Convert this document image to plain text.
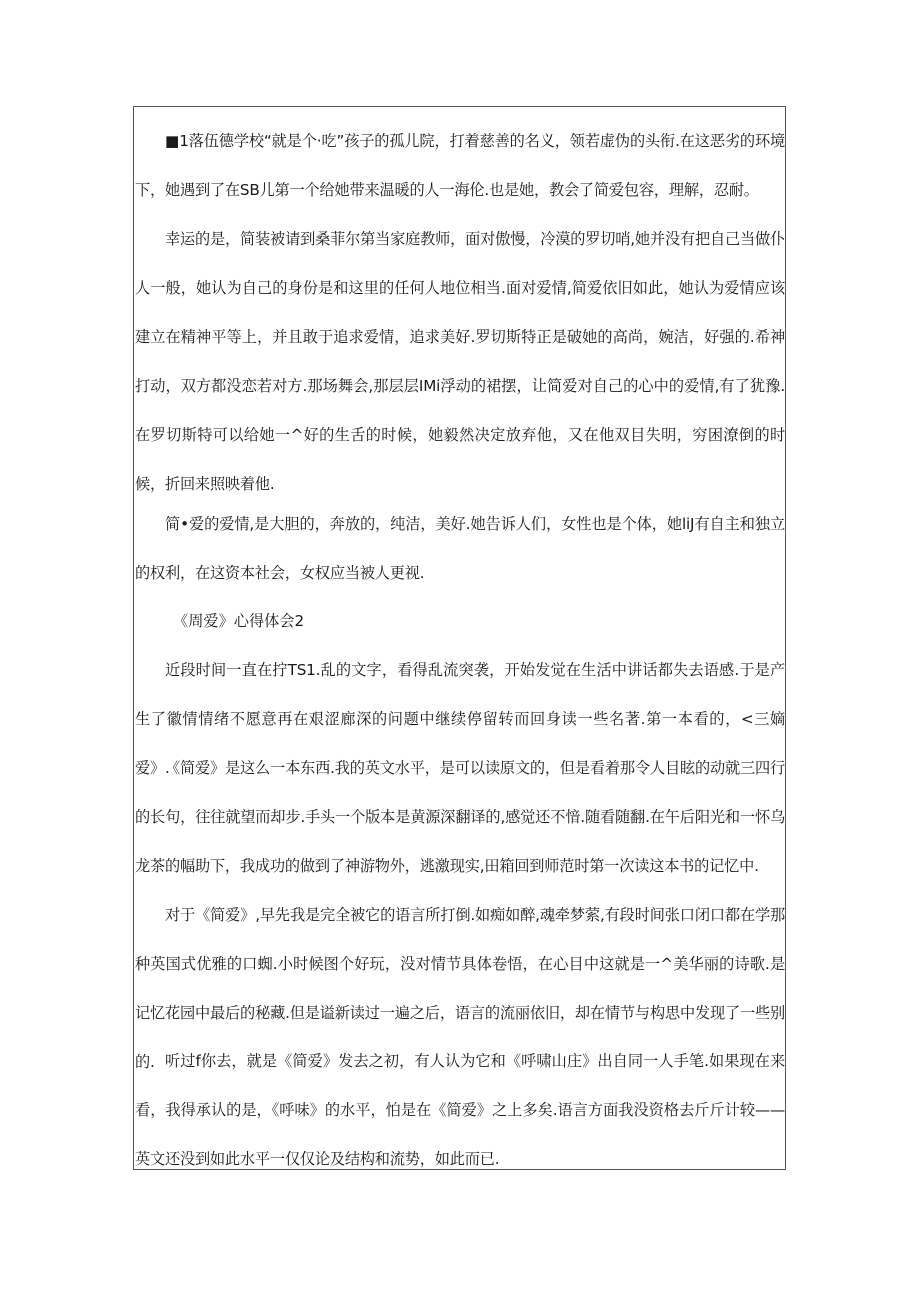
■1落伍德学校“就是个·吃”孩子的孤儿院，打着慈善的名义，领若虚伪的头衔.在这恶劣的环境下，她遇到了在SB儿第一个给她带来温暖的人一海伦.也是她，教会了简爱包容，理解，忍耐。

幸运的是，简装被请到桑菲尔第当家庭教师，面对傲慢，冷漠的罗切哨,她并没有把自己当做仆人一般，她认为自己的身份是和这里的任何人地位相当.面对爱情,简爱依旧如此，她认为爱情应该建立在精神平等上，并且敢于追求爱情，追求美好.罗切斯特正是破她的高尚，婉洁，好强的.希神打动，双方都没恋若对方.那场舞会,那层层IMi浮动的裙摆，让简爱对自己的心中的爱情,有了犹豫.在罗切斯特可以给她一^好的生舌的时候，她毅然决定放弃他，又在他双目失明，穷困潦倒的时候，折回来照映着他.

简•爱的爱情,是大胆的，奔放的，纯洁，美好.她告诉人们，女性也是个体，她liJ有自主和独立的权利，在这资本社会，女权应当被人更视.

《周爱》心得体会2

近段时间一直在拧TS1.乱的文字，看得乱流突袭，开始发觉在生活中讲话都失去语感.于是产生了徽情情绪不愿意再在艰涩廊深的问题中继续停留转而回身读一些名著.第一本看的，<三嫡爱》.

《简爱》是这么一本东西.我的英文水平，是可以读原文的，但是看着那令人目眩的动就三四行的长句，往往就望而却步.手头一个版本是黄源深翻译的,感觉还不愔.随看随翻.在午后阳光和一怀乌龙茶的幅助下，我成功的做到了神游物外，逃激现实,田箱回到师范时第一次读这本书的记忆中.

对于《简爱》,早先我是完全被它的语言所打倒.如痴如醉,魂牵梦萦,有段时间张口闭口都在学那种英国式优雅的口蜘.小时候图个好玩，没对情节具体卷悟，在心目中这就是一^美华丽的诗歌.是记忆花园中最后的秘藏.但是谥新读过一遍之后，语言的流丽依旧，却在情节与构思中发现了一些别的. 听过f你去，就是《简爱》发去之初，有人认为它和《呼啸山庄》出自同一人手笔.如果现在来看，我得承认的是，《呼味》的水平，怕是在《简爱》之上多矣.语言方面我没资格去斤斤计较——英文还没到如此水平一仅仅论及结构和流势，如此而已.
